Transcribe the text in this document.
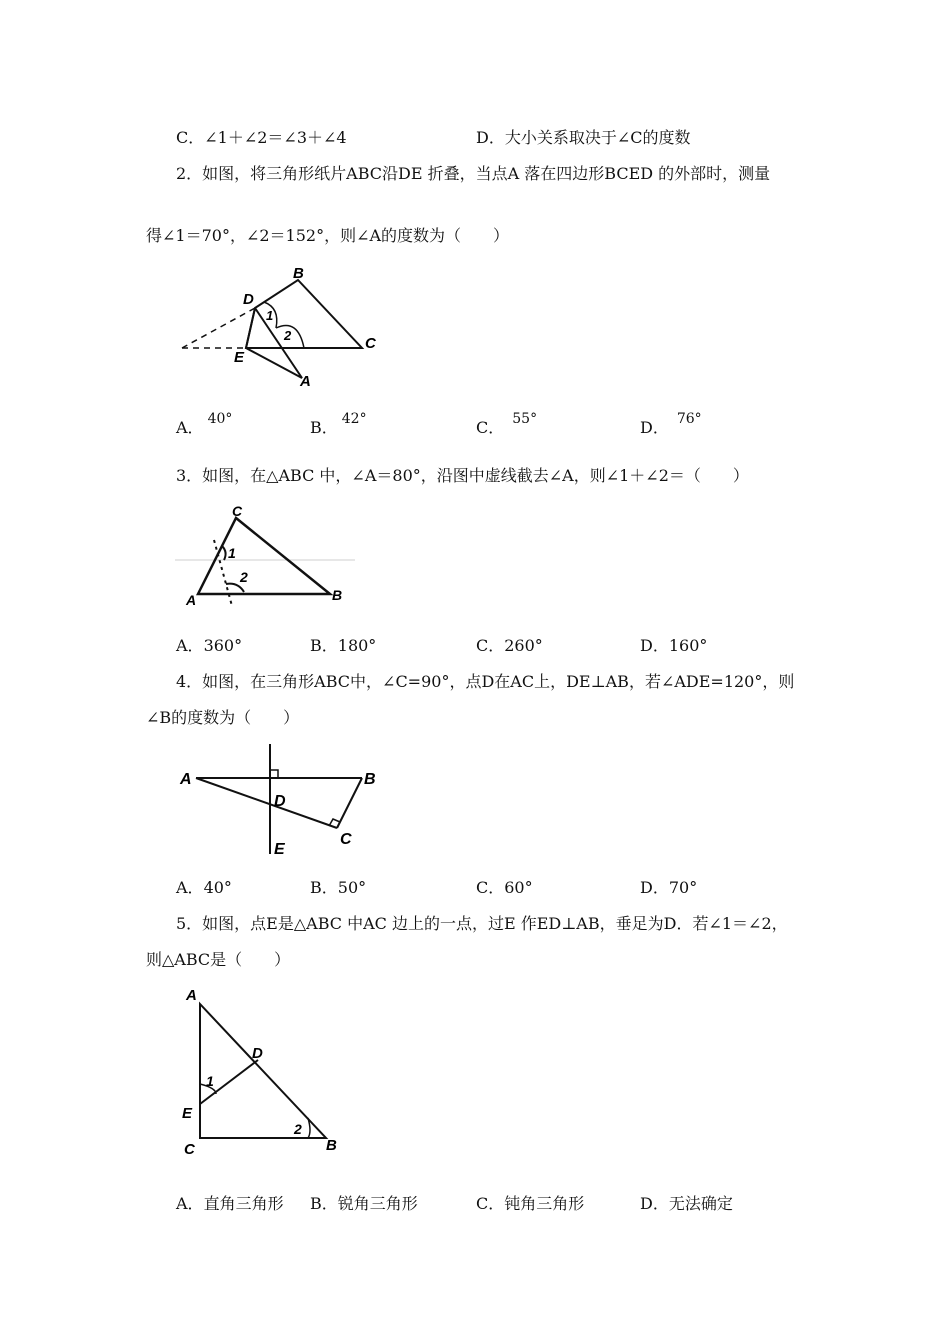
C．∠1＋∠2＝∠3＋∠4	D．大小关系取决于∠C的度数
2．如图，将三角形纸片ABC沿DE 折叠，当点A 落在四边形BCED 的外部时，测量
得∠1＝70°，∠2＝152°，则∠A的度数为（　　）
B
D
C
E
A
1
2
A． 40°	B． 42°	C． 55°	D． 76°
3．如图，在△ABC 中，∠A＝80°，沿图中虚线截去∠A，则∠1＋∠2＝（　　）
C
A	B
1
2
A．360°	B．180°	C．260°	D．160°
4．如图，在三角形ABC中，∠C=90°，点D在AC上，DE⊥AB，若∠ADE=120°，则
∠B的度数为（　　）
A	B
D
C
E
A．40°	B．50°	C．60°	D．70°
5．如图，点E是△ABC 中AC 边上的一点，过E 作ED⊥AB，垂足为D．若∠1＝∠2，
则△ABC是（　　）
A
D
1
E
2
C	B
A．直角三角形 B．锐角三角形	C．钝角三角形	D．无法确定
